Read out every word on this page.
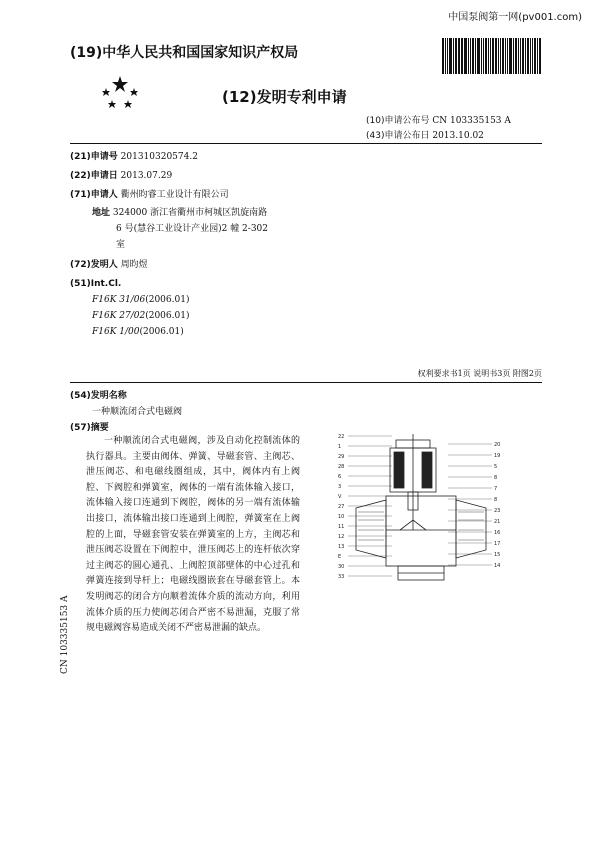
中国泵阀第一网(pv001.com)
(19)中华人民共和国国家知识产权局
(12)发明专利申请
(10)申请公布号 CN 103335153 A
(43)申请公布日 2013.10.02
(21)申请号 201310320574.2
(22)申请日 2013.07.29
(71)申请人 衢州昀睿工业设计有限公司
地址 324000 浙江省衢州市柯城区凯旋南路
6 号(慧谷工业设计产业园)2 幢 2-302
室
(72)发明人 周昀煜
(51)Int.Cl.
F16K 31/06(2006.01)
F16K 27/02(2006.01)
F16K 1/00(2006.01)
权利要求书1页 说明书3页 附图2页
(54)发明名称
一种顺流闭合式电磁阀
(57)摘要
一种顺流闭合式电磁阀，涉及自动化控制流体的执行器具。主要由阀体、弹簧、导磁套管、主阀芯、泄压阀芯、和电磁线圈组成，其中，阀体内有上阀腔、下阀腔和弹簧室，阀体的一端有流体输入接口，流体输入接口连通到下阀腔，阀体的另一端有流体输出接口，流体输出接口连通到上阀腔，弹簧室在上阀腔的上面，导磁套管安装在弹簧室的上方，主阀芯和泄压阀芯设置在下阀腔中，泄压阀芯上的连杆依次穿过主阀芯的圆心通孔、上阀腔顶部壁体的中心过孔和弹簧连接到导杆上；电磁线圈嵌套在导磁套管上。本发明阀芯的闭合方向顺着流体介质的流动方向，利用流体介质的压力使阀芯闭合严密不易泄漏，克服了常规电磁阀容易造成关闭不严密易泄漏的缺点。
CN 103335153 A
22
1
29
28
6
3
V
27
10
11
12
13
E
30
33
20
19
5
8
7
8
23
21
16
17
15
14
